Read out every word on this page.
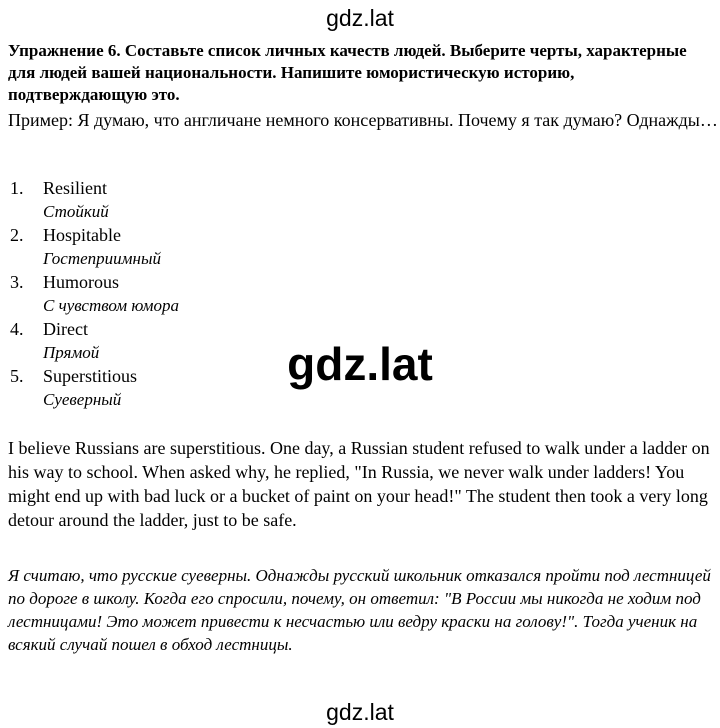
gdz.lat
Упражнение 6. Составьте список личных качеств людей. Выберите черты, характерные для людей вашей национальности. Напишите юмористическую историю, подтверждающую это.
Пример: Я думаю, что англичане немного консервативны. Почему я так думаю? Однажды…
1. Resilient
Стойкий
2. Hospitable
Гостеприимный
3. Humorous
С чувством юмора
4. Direct
Прямой
5. Superstitious
Суеверный
gdz.lat
I believe Russians are superstitious. One day, a Russian student refused to walk under a ladder on his way to school. When asked why, he replied, "In Russia, we never walk under ladders! You might end up with bad luck or a bucket of paint on your head!" The student then took a very long detour around the ladder, just to be safe.
Я считаю, что русские суеверны. Однажды русский школьник отказался пройти под лестницей по дороге в школу. Когда его спросили, почему, он ответил: "В России мы никогда не ходим под лестницами! Это может привести к несчастью или ведру краски на голову!". Тогда ученик на всякий случай пошел в обход лестницы.
gdz.lat
